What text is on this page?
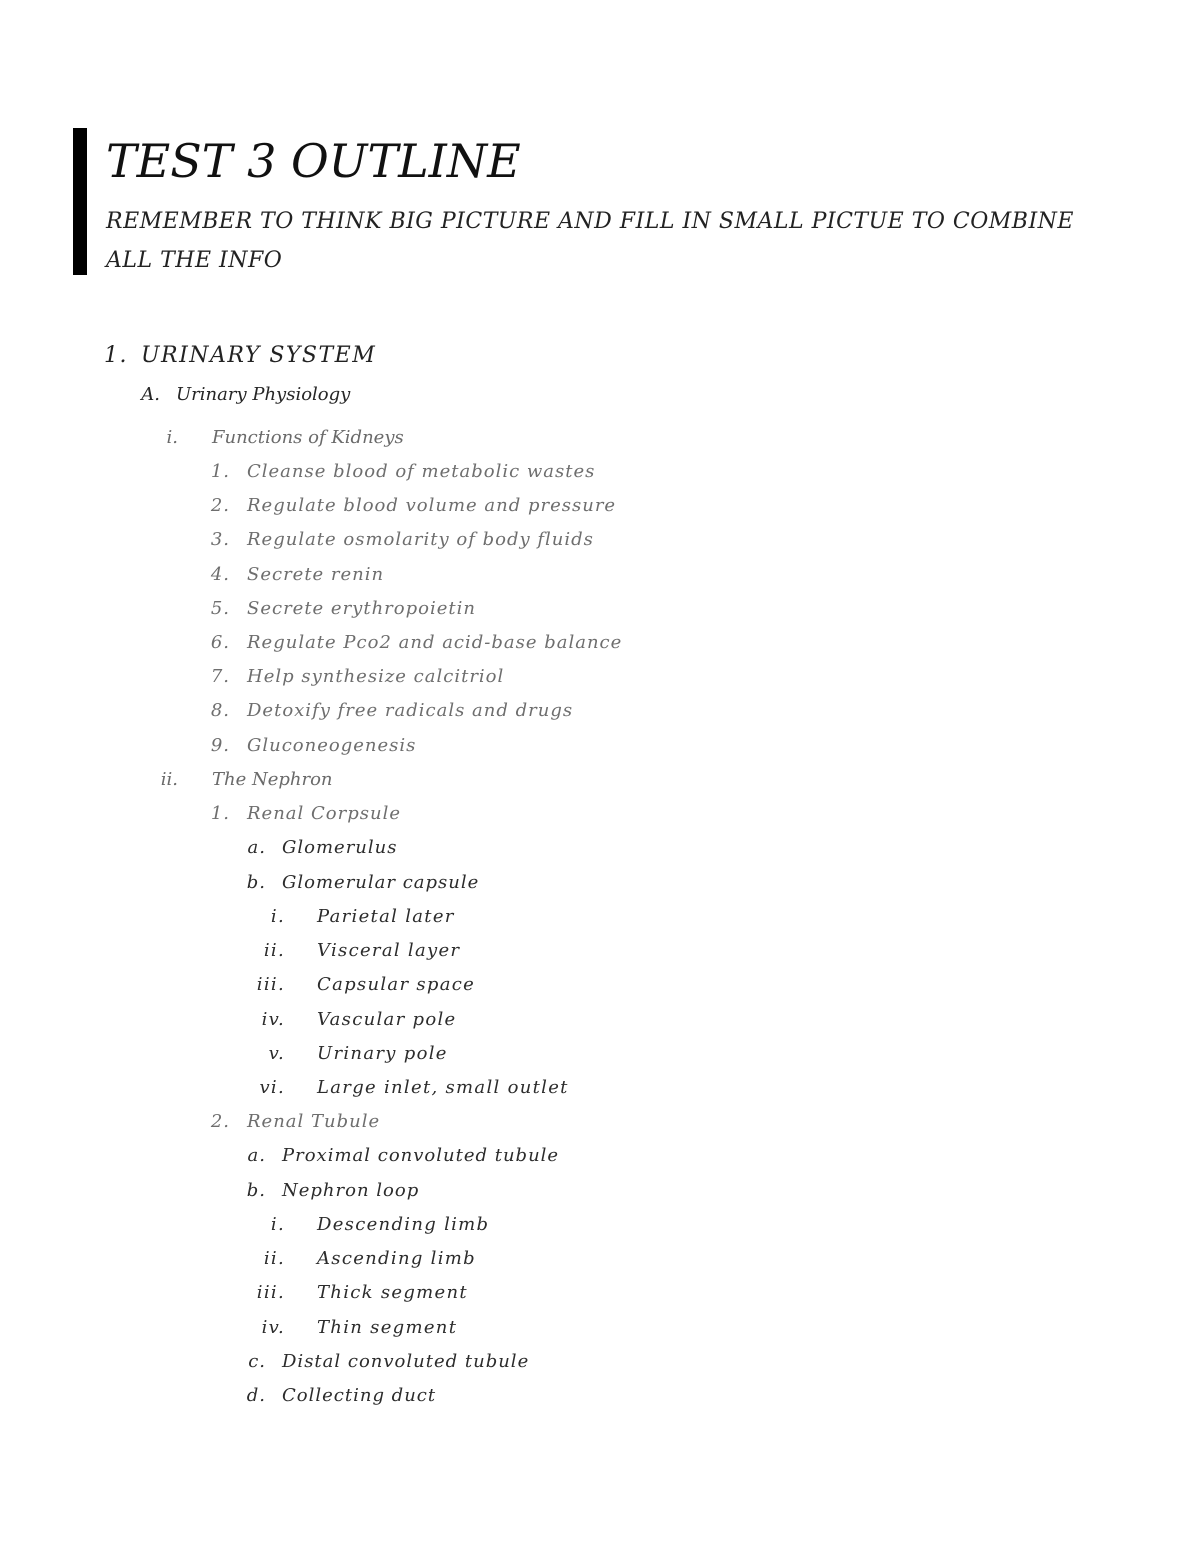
TEST 3 OUTLINE

REMEMBER TO THINK BIG PICTURE AND FILL IN SMALL PICTUE TO COMBINE ALL THE INFO

1. URINARY SYSTEM
A. Urinary Physiology
i. Functions of Kidneys
1. Cleanse blood of metabolic wastes
2. Regulate blood volume and pressure
3. Regulate osmolarity of body fluids
4. Secrete renin
5. Secrete erythropoietin
6. Regulate Pco2 and acid-base balance
7. Help synthesize calcitriol
8. Detoxify free radicals and drugs
9. Gluconeogenesis
ii. The Nephron
1. Renal Corpsule
a. Glomerulus
b. Glomerular capsule
i. Parietal later
ii. Visceral layer
iii. Capsular space
iv. Vascular pole
v. Urinary pole
vi. Large inlet, small outlet
2. Renal Tubule
a. Proximal convoluted tubule
b. Nephron loop
i. Descending limb
ii. Ascending limb
iii. Thick segment
iv. Thin segment
c. Distal convoluted tubule
d. Collecting duct
